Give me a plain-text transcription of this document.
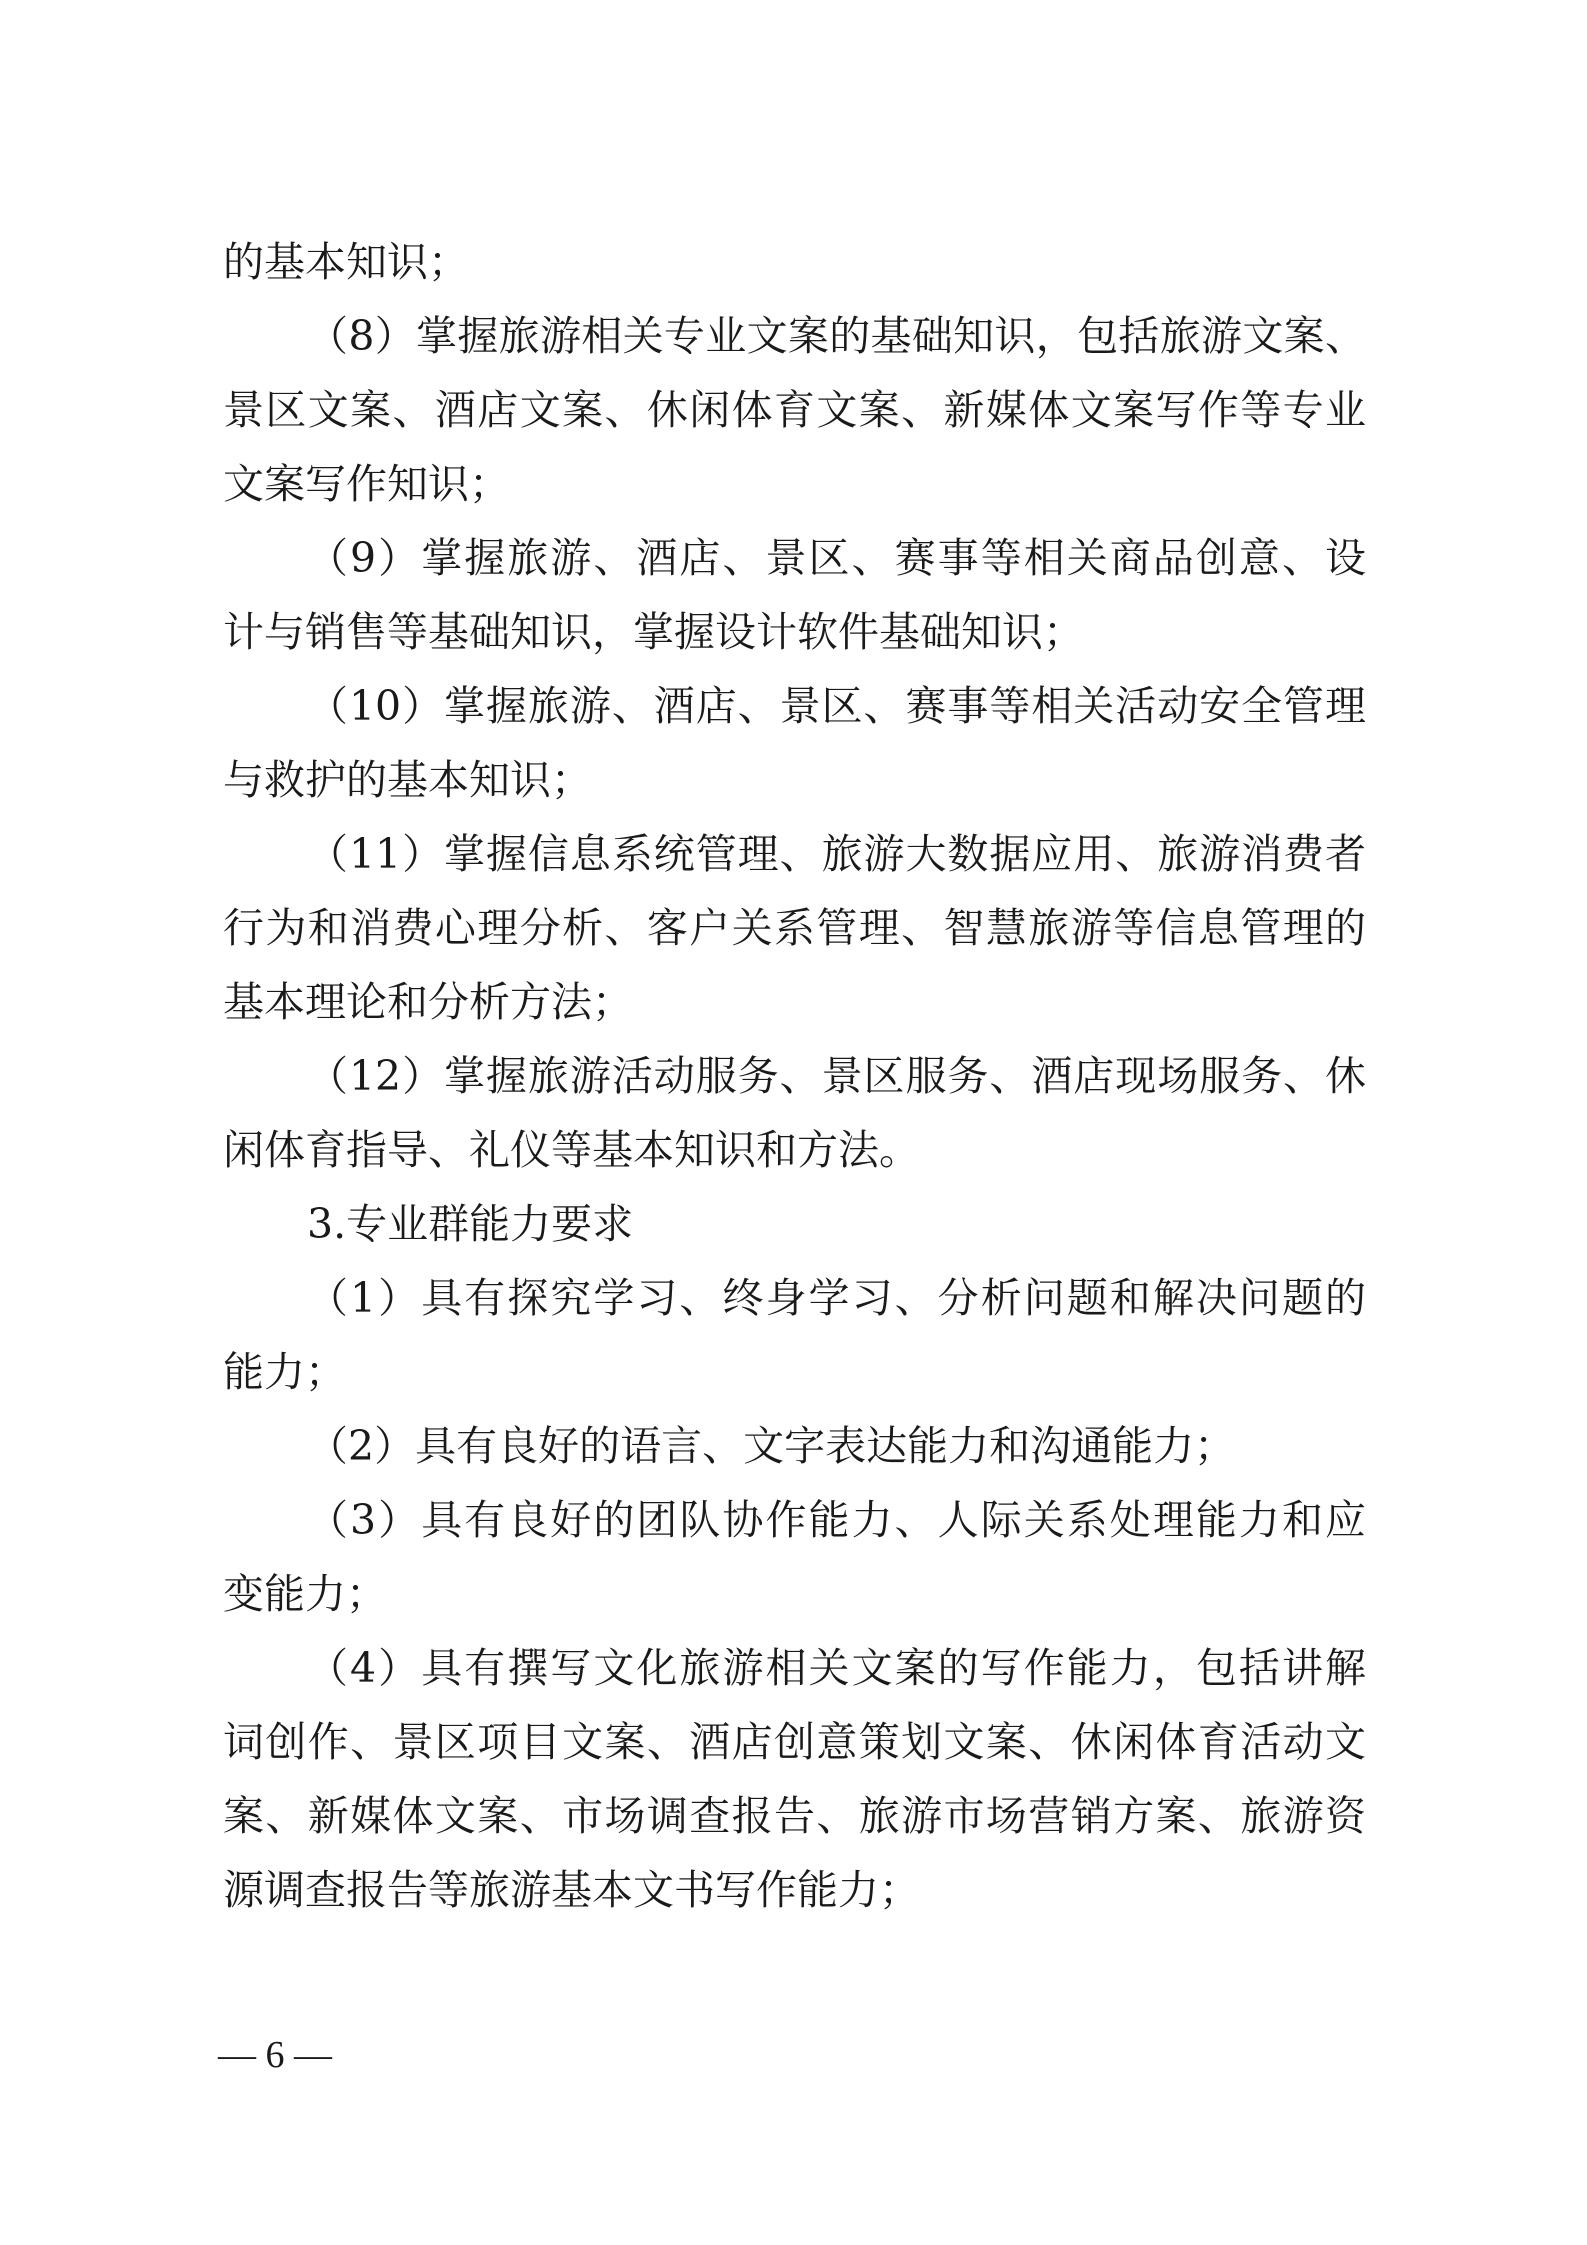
的基本知识；
（8）掌握旅游相关专业文案的基础知识，包括旅游文案、
景区文案、酒店文案、休闲体育文案、新媒体文案写作等专业
文案写作知识；
（9）掌握旅游、酒店、景区、赛事等相关商品创意、设
计与销售等基础知识，掌握设计软件基础知识；
（10）掌握旅游、酒店、景区、赛事等相关活动安全管理
与救护的基本知识；
（11）掌握信息系统管理、旅游大数据应用、旅游消费者
行为和消费心理分析、客户关系管理、智慧旅游等信息管理的
基本理论和分析方法；
（12）掌握旅游活动服务、景区服务、酒店现场服务、休
闲体育指导、礼仪等基本知识和方法。
3.专业群能力要求
（1）具有探究学习、终身学习、分析问题和解决问题的
能力；
（2）具有良好的语言、文字表达能力和沟通能力；
（3）具有良好的团队协作能力、人际关系处理能力和应
变能力；
（4）具有撰写文化旅游相关文案的写作能力，包括讲解
词创作、景区项目文案、酒店创意策划文案、休闲体育活动文
案、新媒体文案、市场调查报告、旅游市场营销方案、旅游资
源调查报告等旅游基本文书写作能力；
— 6 —
